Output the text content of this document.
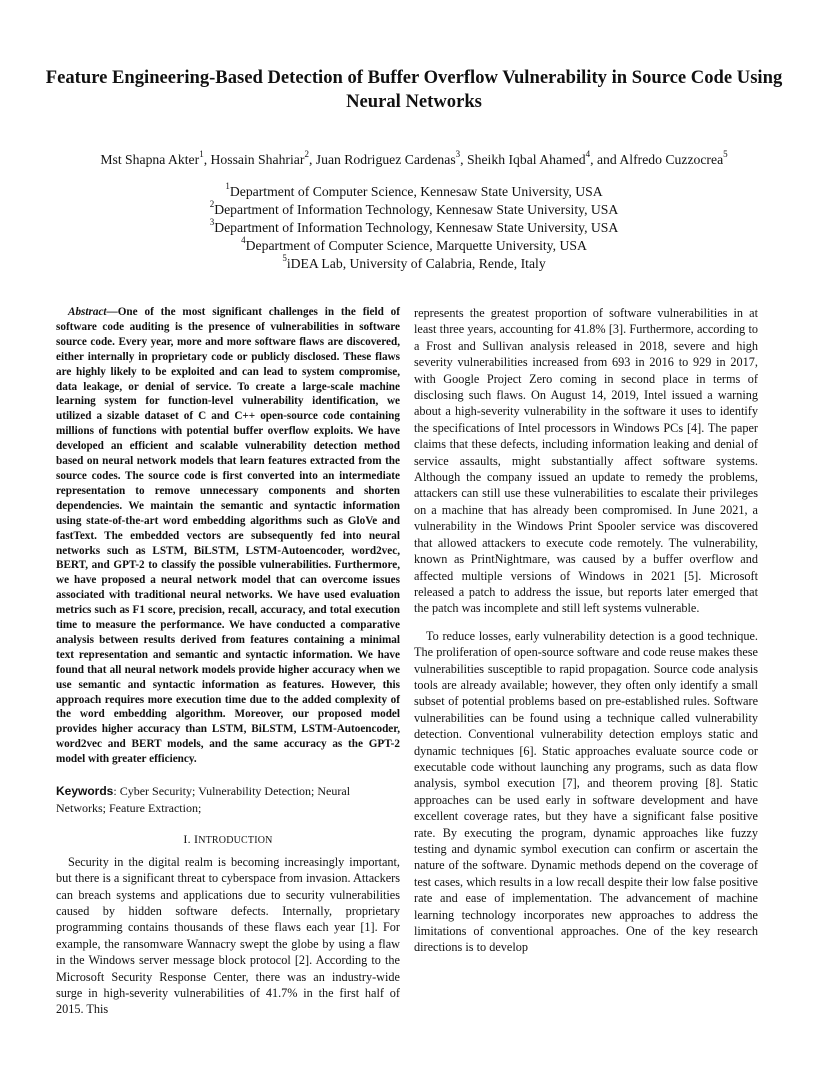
Feature Engineering-Based Detection of Buffer Overflow Vulnerability in Source Code Using Neural Networks
Mst Shapna Akter$^1$, Hossain Shahriar$^2$, Juan Rodriguez Cardenas$^3$, Sheikh Iqbal Ahamed$^4$, and Alfredo Cuzzocrea$^5$
$^1$Department of Computer Science, Kennesaw State University, USA
$^2$Department of Information Technology, Kennesaw State University, USA
$^3$Department of Information Technology, Kennesaw State University, USA
$^4$Department of Computer Science, Marquette University, USA
$^5$iDEA Lab, University of Calabria, Rende, Italy
Abstract—One of the most significant challenges in the field of software code auditing is the presence of vulnerabilities in software source code. Every year, more and more software flaws are discovered, either internally in proprietary code or publicly disclosed. These flaws are highly likely to be exploited and can lead to system compromise, data leakage, or denial of service. To create a large-scale machine learning system for function-level vulnerability identification, we utilized a sizable dataset of C and C++ open-source code containing millions of functions with potential buffer overflow exploits. We have developed an efficient and scalable vulnerability detection method based on neural network models that learn features extracted from the source codes. The source code is first converted into an intermediate representation to remove unnecessary components and shorten dependencies. We maintain the semantic and syntactic information using state-of-the-art word embedding algorithms such as GloVe and fastText. The embedded vectors are subsequently fed into neural networks such as LSTM, BiLSTM, LSTM-Autoencoder, word2vec, BERT, and GPT-2 to classify the possible vulnerabilities. Furthermore, we have proposed a neural network model that can overcome issues associated with traditional neural networks. We have used evaluation metrics such as F1 score, precision, recall, accuracy, and total execution time to measure the performance. We have conducted a comparative analysis between results derived from features containing a minimal text representation and semantic and syntactic information. We have found that all neural network models provide higher accuracy when we use semantic and syntactic information as features. However, this approach requires more execution time due to the added complexity of the word embedding algorithm. Moreover, our proposed model provides higher accuracy than LSTM, BiLSTM, LSTM-Autoencoder, word2vec and BERT models, and the same accuracy as the GPT-2 model with greater efficiency.
Keywords: Cyber Security; Vulnerability Detection; Neural Networks; Feature Extraction;
I. INTRODUCTION

Security in the digital realm is becoming increasingly important, but there is a significant threat to cyberspace from invasion. Attackers can breach systems and applications due to security vulnerabilities caused by hidden software defects. Internally, proprietary programming contains thousands of these flaws each year [1]. For example, the ransomware Wannacry swept the globe by using a flaw in the Windows server message block protocol [2]. According to the Microsoft Security Response Center, there was an industry-wide surge in high-severity vulnerabilities of 41.7% in the first half of 2015. This

represents the greatest proportion of software vulnerabilities in at least three years, accounting for 41.8% [3]. Furthermore, according to a Frost and Sullivan analysis released in 2018, severe and high severity vulnerabilities increased from 693 in 2016 to 929 in 2017, with Google Project Zero coming in second place in terms of disclosing such flaws. On August 14, 2019, Intel issued a warning about a high-severity vulnerability in the software it uses to identify the specifications of Intel processors in Windows PCs [4]. The paper claims that these defects, including information leaking and denial of service assaults, might substantially affect software systems. Although the company issued an update to remedy the problems, attackers can still use these vulnerabilities to escalate their privileges on a machine that has already been compromised. In June 2021, a vulnerability in the Windows Print Spooler service was discovered that allowed attackers to execute code remotely. The vulnerability, known as PrintNightmare, was caused by a buffer overflow and affected multiple versions of Windows in 2021 [5]. Microsoft released a patch to address the issue, but reports later emerged that the patch was incomplete and still left systems vulnerable.

To reduce losses, early vulnerability detection is a good technique. The proliferation of open-source software and code reuse makes these vulnerabilities susceptible to rapid propagation. Source code analysis tools are already available; however, they often only identify a small subset of potential problems based on pre-established rules. Software vulnerabilities can be found using a technique called vulnerability detection. Conventional vulnerability detection employs static and dynamic techniques [6]. Static approaches evaluate source code or executable code without launching any programs, such as data flow analysis, symbol execution [7], and theorem proving [8]. Static approaches can be used early in software development and have excellent coverage rates, but they have a significant false positive rate. By executing the program, dynamic approaches like fuzzy testing and dynamic symbol execution can confirm or ascertain the nature of the software. Dynamic methods depend on the coverage of test cases, which results in a low recall despite their low false positive rate and ease of implementation. The advancement of machine learning technology incorporates new approaches to address the limitations of conventional approaches. One of the key research directions is to develop
